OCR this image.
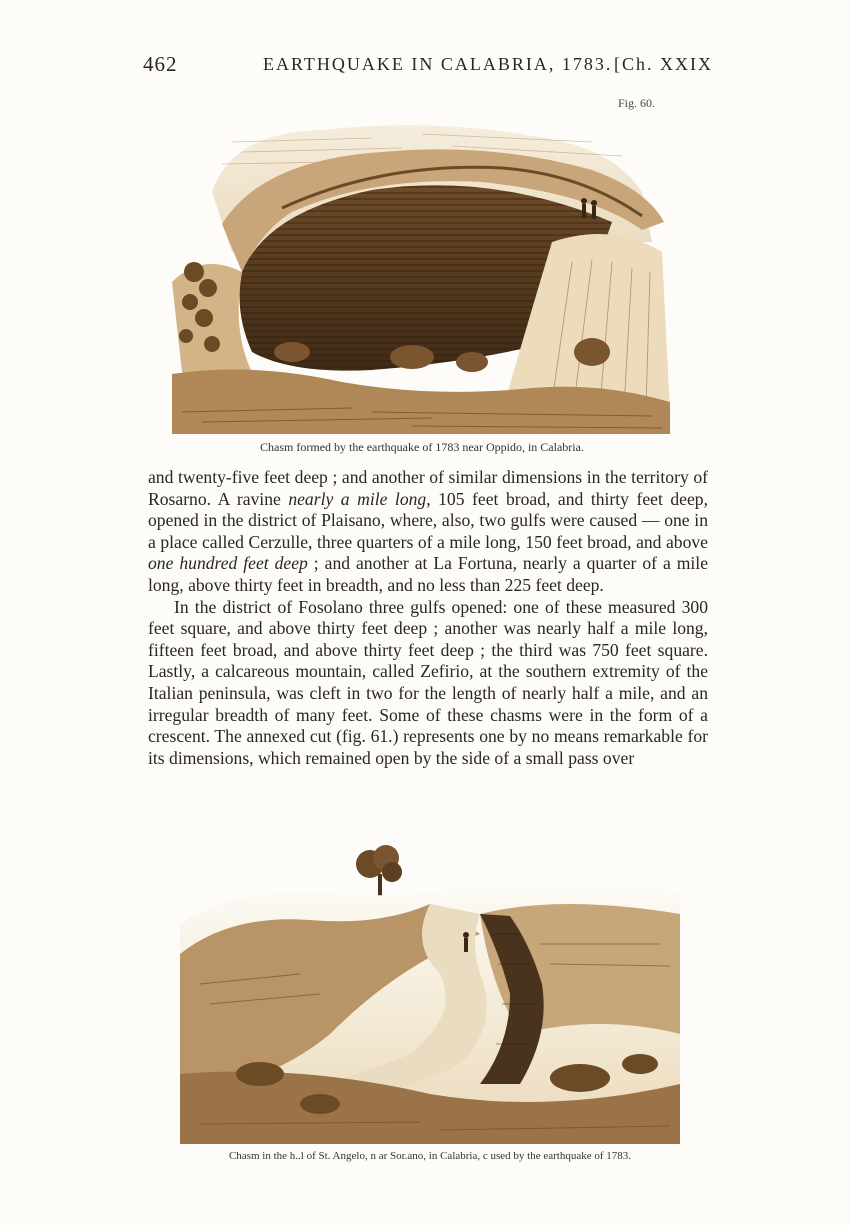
462	EARTHQUAKE IN CALABRIA, 1783. [Ch. XXIX
Fig. 60.
Chasm formed by the earthquake of 1783 near Oppido, in Calabria.

and twenty-five feet deep ; and another of similar dimensions in the territory of Rosarno. A ravine nearly a mile long, 105 feet broad, and thirty feet deep, opened in the district of Plaisano, where, also, two gulfs were caused — one in a place called Cerzulle, three quarters of a mile long, 150 feet broad, and above one hundred feet deep ; and another at La Fortuna, nearly a quarter of a mile long, above thirty feet in breadth, and no less than 225 feet deep.

In the district of Fosolano three gulfs opened: one of these measured 300 feet square, and above thirty feet deep ; another was nearly half a mile long, fifteen feet broad, and above thirty feet deep ; the third was 750 feet square. Lastly, a calcareous mountain, called Zefirio, at the southern extremity of the Italian peninsula, was cleft in two for the length of nearly half a mile, and an irregular breadth of many feet. Some of these chasms were in the form of a crescent. The annexed cut (fig. 61.) represents one by no means remarkable for its dimensions, which remained open by the side of a small pass over

Chasm in the h..l of St. Angelo, n ar Sor.ano, in Calabria, c used by the earthquake of 1783.
